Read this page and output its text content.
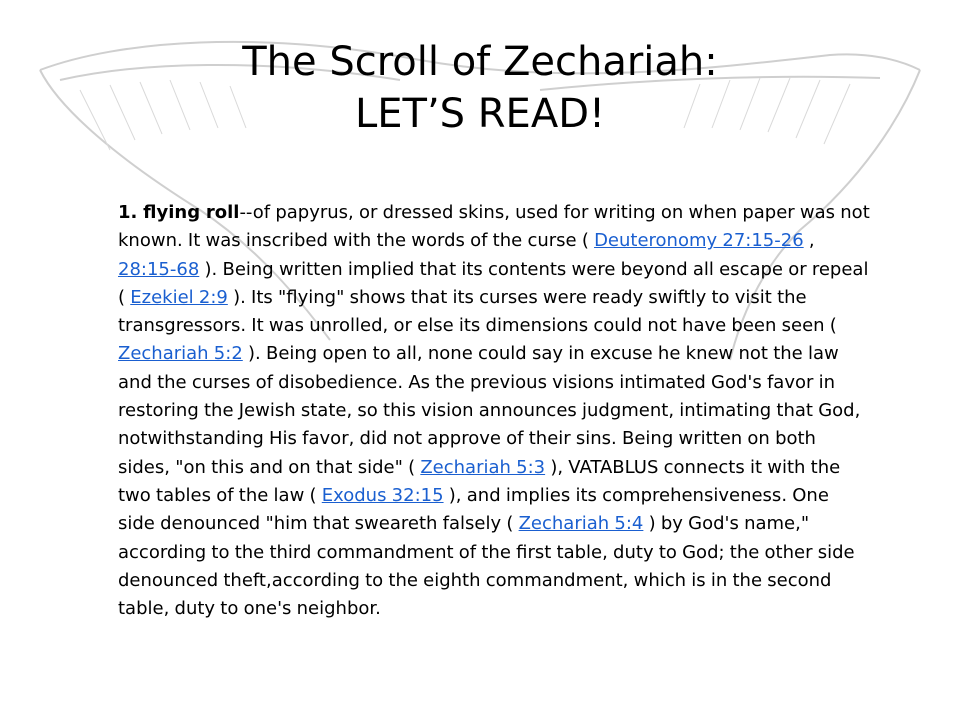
The Scroll of Zechariah:
LET’S READ!

1. flying roll--of papyrus, or dressed skins, used for writing on when paper was not known. It was inscribed with the words of the curse ( Deuteronomy 27:15-26 , 28:15-68 ). Being written implied that its contents were beyond all escape or repeal ( Ezekiel 2:9 ). Its "flying" shows that its curses were ready swiftly to visit the transgressors. It was unrolled, or else its dimensions could not have been seen ( Zechariah 5:2 ). Being open to all, none could say in excuse he knew not the law and the curses of disobedience. As the previous visions intimated God's favor in restoring the Jewish state, so this vision announces judgment, intimating that God, notwithstanding His favor, did not approve of their sins. Being written on both sides, "on this and on that side" ( Zechariah 5:3 ), VATABLUS connects it with the two tables of the law ( Exodus 32:15 ), and implies its comprehensiveness. One side denounced "him that sweareth falsely ( Zechariah 5:4 ) by God's name," according to the third commandment of the first table, duty to God; the other side denounced theft,according to the eighth commandment, which is in the second table, duty to one's neighbor.
